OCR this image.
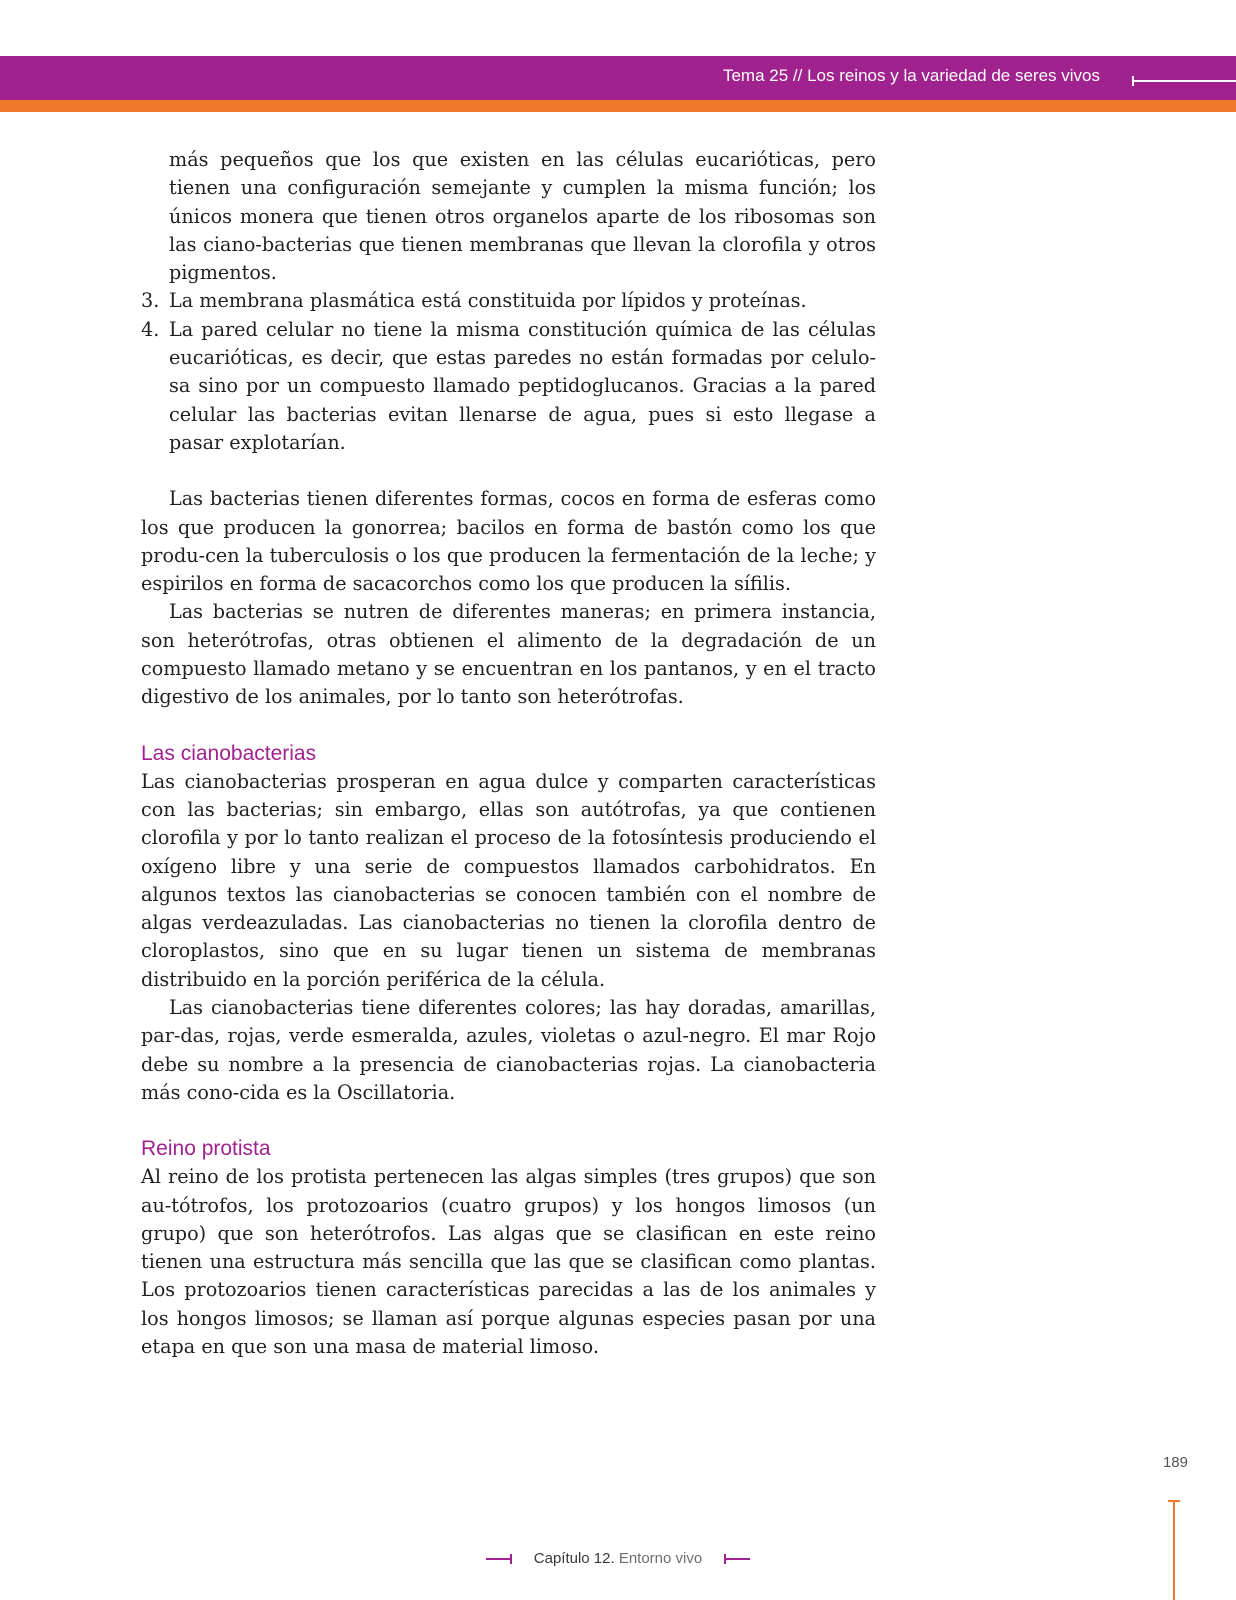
Tema 25 // Los reinos y la variedad de seres vivos

más pequeños que los que existen en las células eucarióticas, pero tienen una configuración semejante y cumplen la misma función; los únicos monera que tienen otros organelos aparte de los ribosomas son las ciano-bacterias que tienen membranas que llevan la clorofila y otros pigmentos.

3. La membrana plasmática está constituida por lípidos y proteínas.

4. La pared celular no tiene la misma constitución química de las células eucarióticas, es decir, que estas paredes no están formadas por celulo-sa sino por un compuesto llamado peptidoglucanos. Gracias a la pared celular las bacterias evitan llenarse de agua, pues si esto llegase a pasar explotarían.

Las bacterias tienen diferentes formas, cocos en forma de esferas como los que producen la gonorrea; bacilos en forma de bastón como los que produ-cen la tuberculosis o los que producen la fermentación de la leche; y espirilos en forma de sacacorchos como los que producen la sífilis.

Las bacterias se nutren de diferentes maneras; en primera instancia, son heterótrofas, otras obtienen el alimento de la degradación de un compuesto llamado metano y se encuentran en los pantanos, y en el tracto digestivo de los animales, por lo tanto son heterótrofas.

Las cianobacterias

Las cianobacterias prosperan en agua dulce y comparten características con las bacterias; sin embargo, ellas son autótrofas, ya que contienen clorofila y por lo tanto realizan el proceso de la fotosíntesis produciendo el oxígeno libre y una serie de compuestos llamados carbohidratos. En algunos textos las cianobacterias se conocen también con el nombre de algas verdeazuladas. Las cianobacterias no tienen la clorofila dentro de cloroplastos, sino que en su lugar tienen un sistema de membranas distribuido en la porción periférica de la célula.

Las cianobacterias tiene diferentes colores; las hay doradas, amarillas, par-das, rojas, verde esmeralda, azules, violetas o azul-negro. El mar Rojo debe su nombre a la presencia de cianobacterias rojas. La cianobacteria más cono-cida es la Oscillatoria.

Reino protista

Al reino de los protista pertenecen las algas simples (tres grupos) que son au-tótrofos, los protozoarios (cuatro grupos) y los hongos limosos (un grupo) que son heterótrofos. Las algas que se clasifican en este reino tienen una estructura más sencilla que las que se clasifican como plantas. Los protozoarios tienen características parecidas a las de los animales y los hongos limosos; se llaman así porque algunas especies pasan por una etapa en que son una masa de material limoso.

189
Capítulo 12. Entorno vivo
